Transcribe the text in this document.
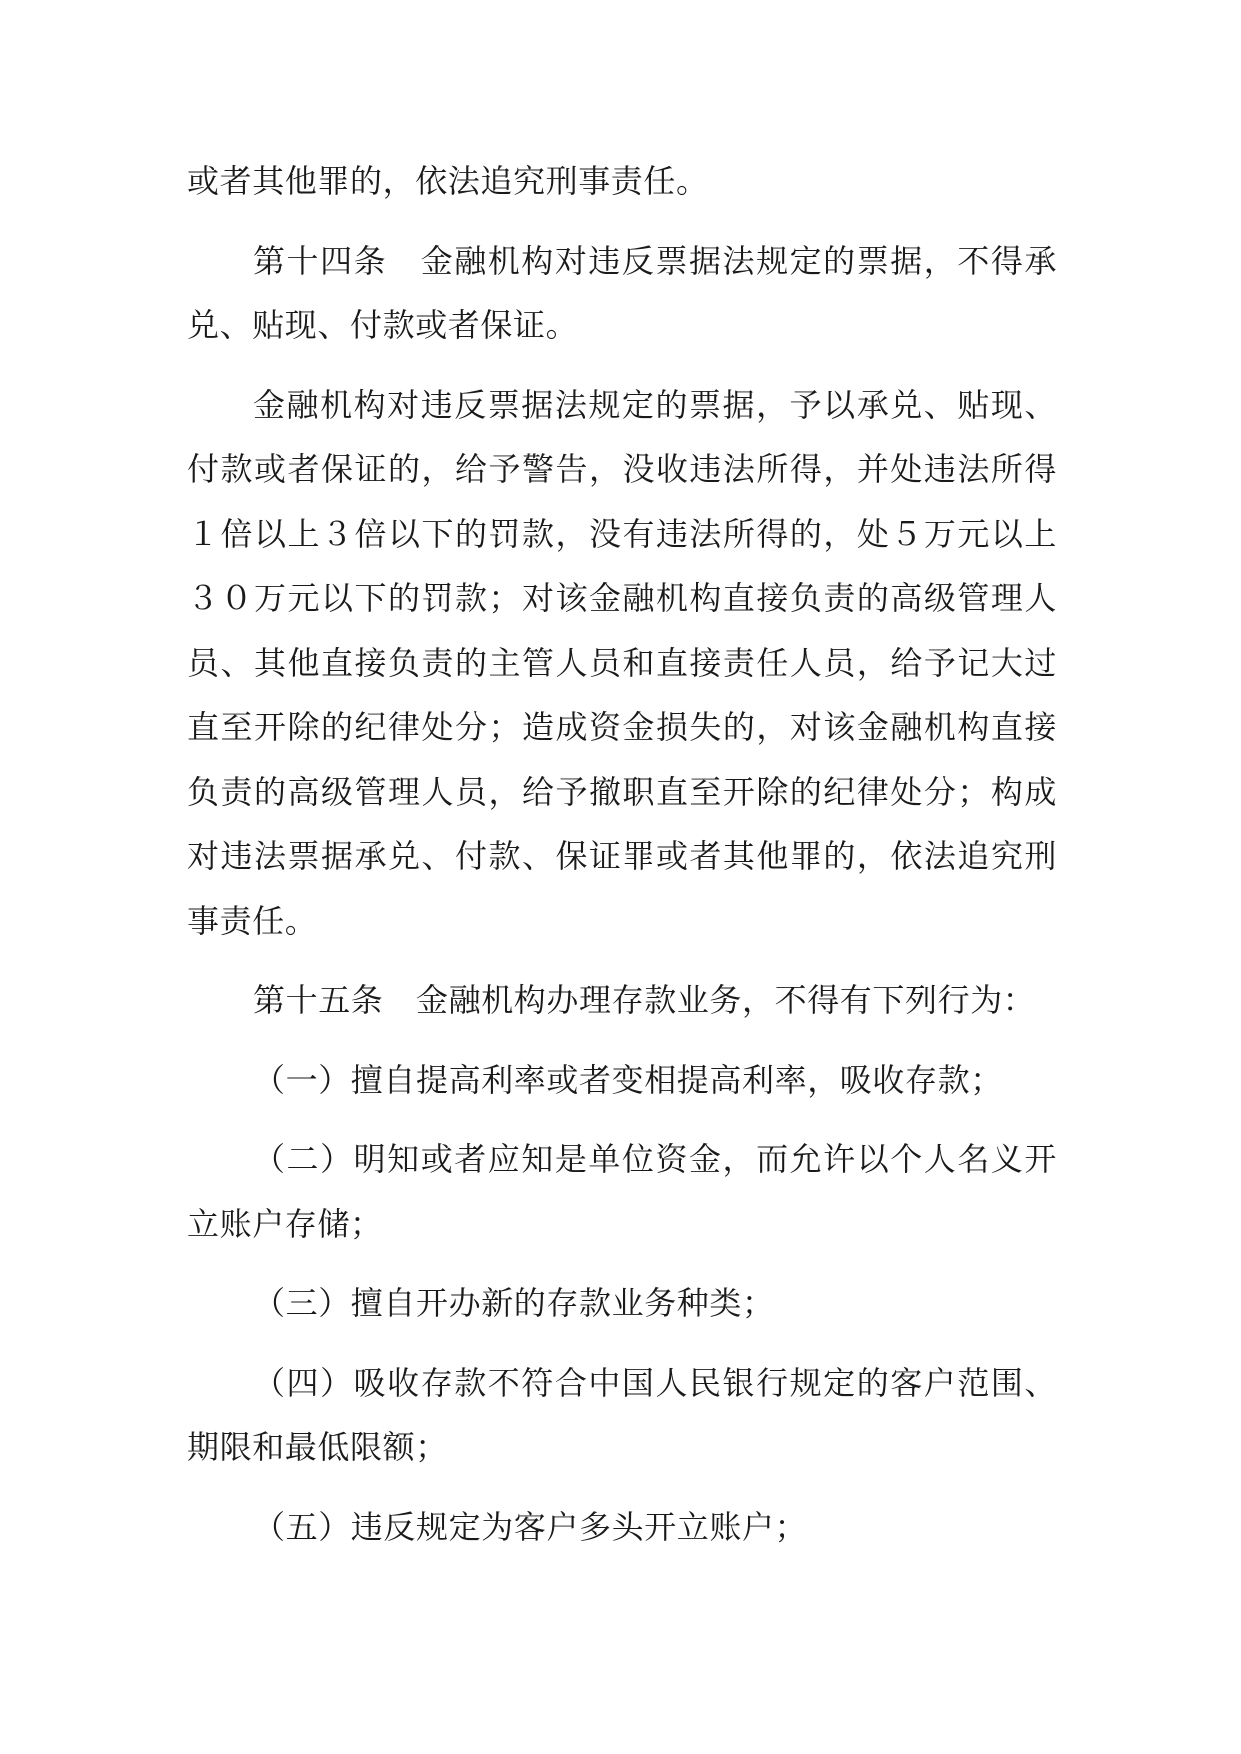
或者其他罪的，依法追究刑事责任。

第十四条　金融机构对违反票据法规定的票据，不得承兑、贴现、付款或者保证。

金融机构对违反票据法规定的票据，予以承兑、贴现、付款或者保证的，给予警告，没收违法所得，并处违法所得１倍以上３倍以下的罚款，没有违法所得的，处５万元以上３０万元以下的罚款；对该金融机构直接负责的高级管理人员、其他直接负责的主管人员和直接责任人员，给予记大过直至开除的纪律处分；造成资金损失的，对该金融机构直接负责的高级管理人员，给予撤职直至开除的纪律处分；构成对违法票据承兑、付款、保证罪或者其他罪的，依法追究刑事责任。

第十五条　金融机构办理存款业务，不得有下列行为：

（一）擅自提高利率或者变相提高利率，吸收存款；

（二）明知或者应知是单位资金，而允许以个人名义开立账户存储；

（三）擅自开办新的存款业务种类；

（四）吸收存款不符合中国人民银行规定的客户范围、期限和最低限额；

（五）违反规定为客户多头开立账户；
